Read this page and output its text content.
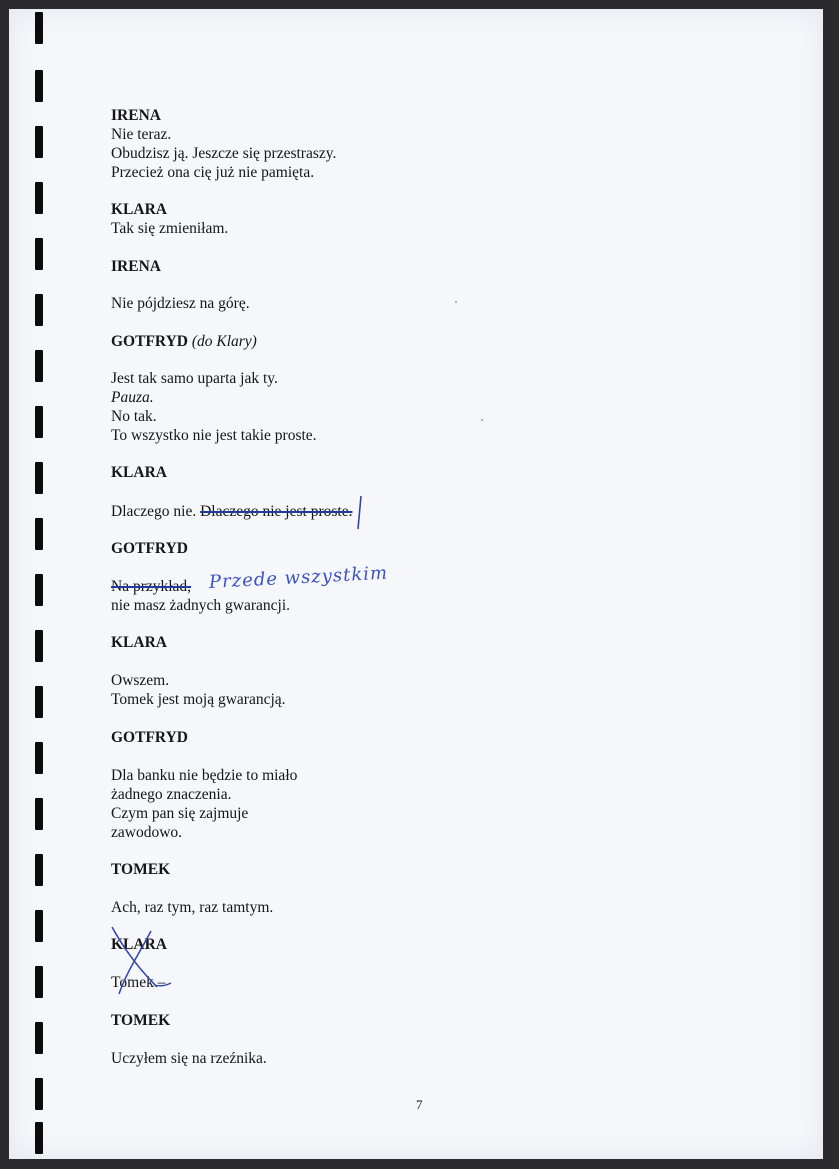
IRENA
Nie teraz.
Obudzisz ją. Jeszcze się przestraszy.
Przecież ona cię już nie pamięta.
KLARA
Tak się zmieniłam.
IRENA
Nie pójdziesz na górę.
GOTFRYD (do Klary)
Jest tak samo uparta jak ty.
Pauza.
No tak.
To wszystko nie jest takie proste.
KLARA
Dlaczego nie. Dlaczego nie jest proste.
GOTFRYD
Na przykład, Przede wszystkim
nie masz żadnych gwarancji.
KLARA
Owszem.
Tomek jest moją gwarancją.
GOTFRYD
Dla banku nie będzie to miało
żadnego znaczenia.
Czym pan się zajmuje
zawodowo.
TOMEK
Ach, raz tym, raz tamtym.
KLARA
Tomek –
TOMEK
Uczyłem się na rzeźnika.
7
